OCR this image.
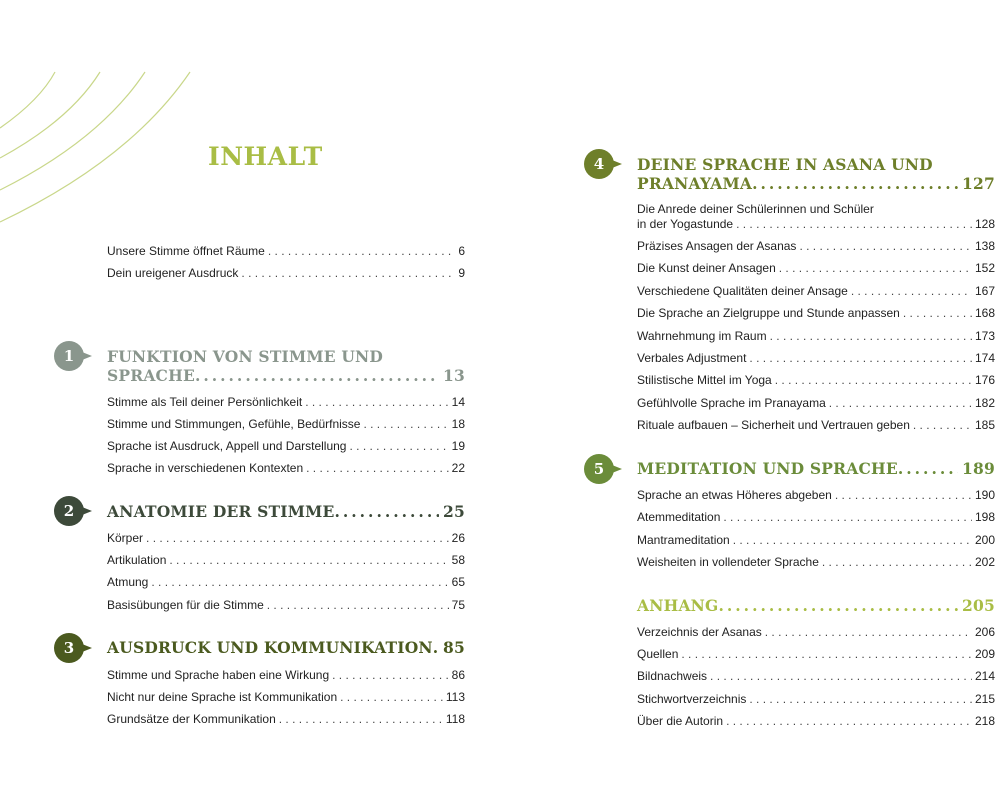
INHALT
Unsere Stimme öffnet Räume . . .	6
Dein ureigener Ausdruck . . .	9
1	FUNKTION VON STIMME UND
SPRACHE .....	13
Stimme als Teil deiner Persönlichkeit . . .	14
Stimme und Stimmungen, Gefühle, Bedürfnisse . . .	18
Sprache ist Ausdruck, Appell und Darstellung . . .	19
Sprache in verschiedenen Kontexten . . .	22
2	ANATOMIE DER STIMME .....	25
Körper . . .	26
Artikulation . . .	58
Atmung . . .	65
Basisübungen für die Stimme . . .	75
3	AUSDRUCK UND KOMMUNIKATION ..... 85
Stimme und Sprache haben eine Wirkung . . .	86
Nicht nur deine Sprache ist Kommunikation . . .	113
Grundsätze der Kommunikation . . .	118
4	DEINE SPRACHE IN ASANA UND
PRANAYAMA .....	127
Die Anrede deiner Schülerinnen und Schüler
in der Yogastunde . . .	128
Präzises Ansagen der Asanas . . .	138
Die Kunst deiner Ansagen . . .	152
Verschiedene Qualitäten deiner Ansage . . .	167
Die Sprache an Zielgruppe und Stunde anpassen . . .	168
Wahrnehmung im Raum . . .	173
Verbales Adjustment . . .	174
Stilistische Mittel im Yoga . . .	176
Gefühlvolle Sprache im Pranayama . . .	182
Rituale aufbauen – Sicherheit und Vertrauen geben . . .	185
5	MEDITATION UND SPRACHE .....	189
Sprache an etwas Höheres abgeben . . .	190
Atemmeditation . . .	198
Mantrameditation . . .	200
Weisheiten in vollendeter Sprache . . .	202
ANHANG .....	205
Verzeichnis der Asanas . . .	206
Quellen . . .	209
Bildnachweis . . .	214
Stichwortverzeichnis . . .	215
Über die Autorin . . .	218
